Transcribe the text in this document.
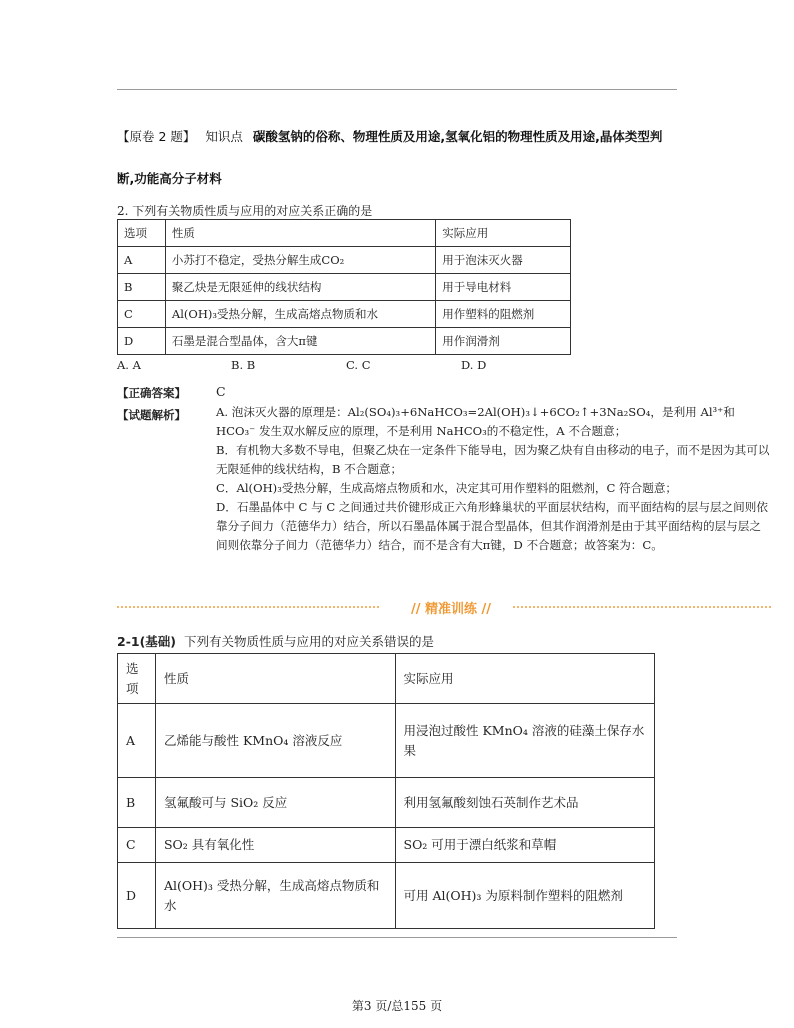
【原卷 2 题】 知识点 碳酸氢钠的俗称、物理性质及用途,氢氧化铝的物理性质及用途,晶体类型判
断,功能高分子材料
2. 下列有关物质性质与应用的对应关系正确的是
选项	性质	实际应用
A	小苏打不稳定，受热分解生成CO₂	用于泡沫灭火器
B	聚乙炔是无限延伸的线状结构	用于导电材料
C	Al(OH)₃受热分解，生成高熔点物质和水	用作塑料的阻燃剂
D	石墨是混合型晶体，含大π键	用作润滑剂
A. A	B. B	C. C	D. D
【正确答案】 C
【试题解析】	A. 泡沫灭火器的原理是：Al₂(SO₄)₃+6NaHCO₃=2Al(OH)₃↓+6CO₂↑+3Na₂SO₄，是利用 Al³⁺和 HCO₃⁻ 发生双水解反应的原理，不是利用 NaHCO₃的不稳定性，A 不合题意；

B．有机物大多数不导电，但聚乙炔在一定条件下能导电，因为聚乙炔有自由移动的电子，而不是因为其可以无限延伸的线状结构，B 不合题意；

C．Al(OH)₃受热分解，生成高熔点物质和水，决定其可用作塑料的阻燃剂，C 符合题意；

D．石墨晶体中 C 与 C 之间通过共价键形成正六角形蜂巢状的平面层状结构，而平面结构的层与层之间则依靠分子间力（范德华力）结合，所以石墨晶体属于混合型晶体，但其作润滑剂是由于其平面结构的层与层之间则依靠分子间力（范德华力）结合，而不是含有大π键，D 不合题意；故答案为：C。

// 精准训练 //
2-1(基础) 下列有关物质性质与应用的对应关系错误的是
选项	性质	实际应用
A	乙烯能与酸性 KMnO₄ 溶液反应	用浸泡过酸性 KMnO₄ 溶液的硅藻土保存水果
B	氢氟酸可与 SiO₂ 反应	利用氢氟酸刻蚀石英制作艺术品
C	SO₂ 具有氧化性	SO₂ 可用于漂白纸浆和草帽
D	Al(OH)₃ 受热分解，生成高熔点物质和水	可用 Al(OH)₃ 为原料制作塑料的阻燃剂
第3 页/总155 页
